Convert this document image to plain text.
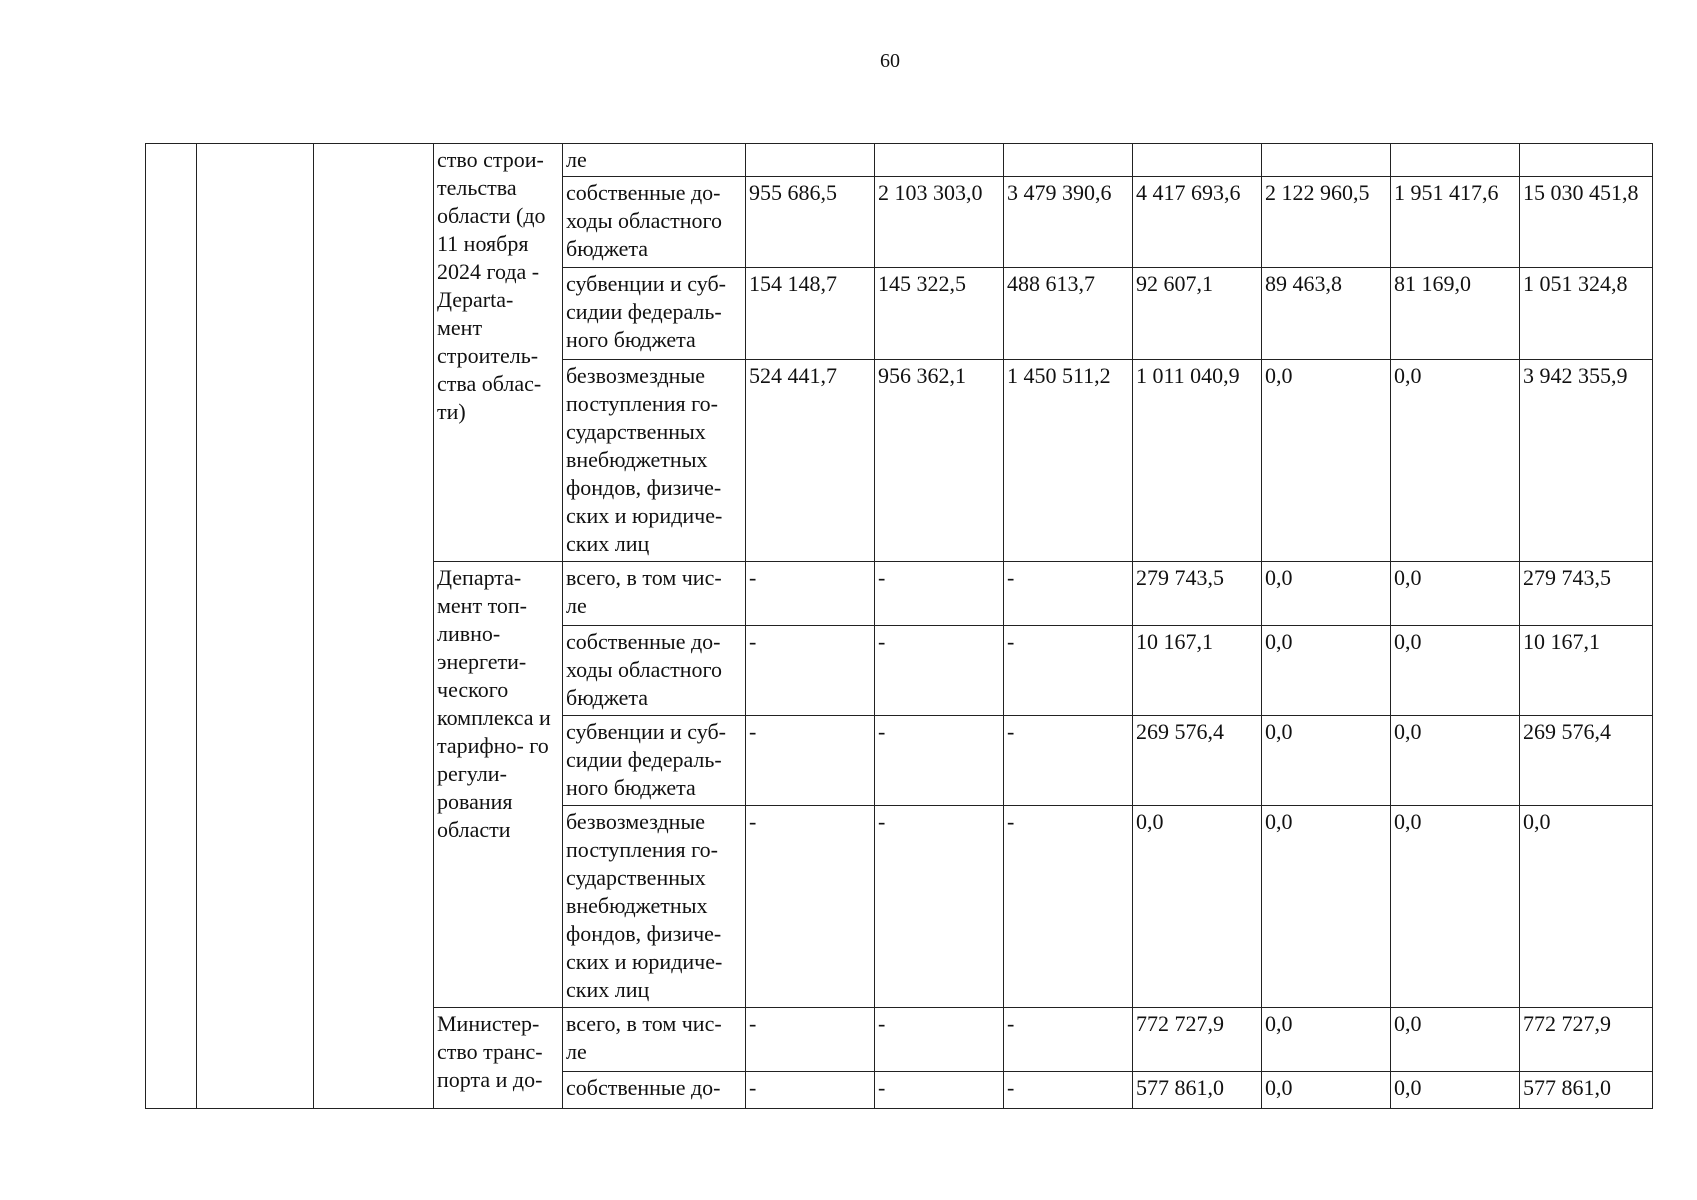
60
			ство строи- тельства области (до 11 ноября 2024 года - Деparta- мент строитель- ства облас- ти)	ле							
				собственные до- ходы областного бюджета	955 686,5	2 103 303,0	3 479 390,6	4 417 693,6	2 122 960,5	1 951 417,6	15 030 451,8
				субвенции и суб- сидии федераль- ного бюджета	154 148,7	145 322,5	488 613,7	92 607,1	89 463,8	81 169,0	1 051 324,8
				безвозмездные поступления го- сударственных внебюджетных фондов, физиче- ских и юридиче- ских лиц	524 441,7	956 362,1	1 450 511,2	1 011 040,9	0,0	0,0	3 942 355,9
			Департа- мент топ- ливно- энергети- ческого комплекса и тарифно- го регули- рования области	всего, в том чис- ле	-	-	-	279 743,5	0,0	0,0	279 743,5
				собственные до- ходы областного бюджета	-	-	-	10 167,1	0,0	0,0	10 167,1
				субвенции и суб- сидии федераль- ного бюджета	-	-	-	269 576,4	0,0	0,0	269 576,4
				безвозмездные поступления го- сударственных внебюджетных фондов, физиче- ских и юридиче- ских лиц	-	-	-	0,0	0,0	0,0	0,0
			Министер- ство транс- порта и до-	всего, в том чис- ле	-	-	-	772 727,9	0,0	0,0	772 727,9
				собственные до-	-	-	-	577 861,0	0,0	0,0	577 861,0
